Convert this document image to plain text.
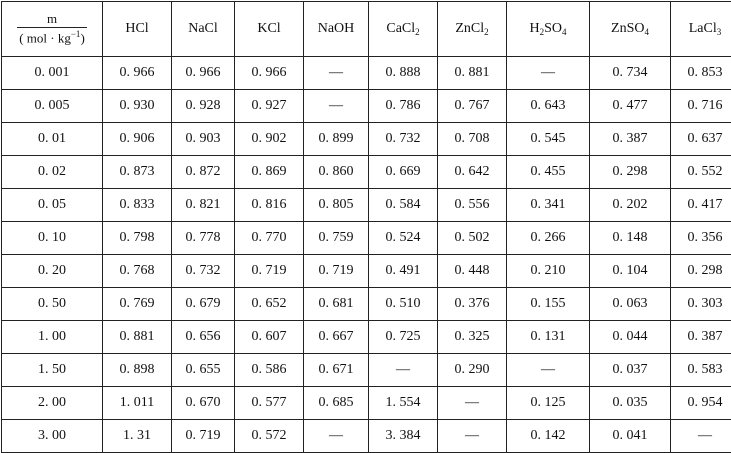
$\frac{m}{( mol \cdot kg^{-1})}$	HCl	NaCl	KCl	NaOH	CaCl$_2$	ZnCl$_2$	$H_2SO_4$	ZnSO$_4$	LaCl$_3$
0. 001	0. 966	0. 966	0. 966	—	0. 888	0. 881	—	0. 734	0. 853
0. 005	0. 930	0. 928	0. 927	—	0. 786	0. 767	0. 643	0. 477	0. 716
0. 01	0. 906	0. 903	0. 902	0. 899	0. 732	0. 708	0. 545	0. 387	0. 637
0. 02	0. 873	0. 872	0. 869	0. 860	0. 669	0. 642	0. 455	0. 298	0. 552
0. 05	0. 833	0. 821	0. 816	0. 805	0. 584	0. 556	0. 341	0. 202	0. 417
0. 10	0. 798	0. 778	0. 770	0. 759	0. 524	0. 502	0. 266	0. 148	0. 356
0. 20	0. 768	0. 732	0. 719	0. 719	0. 491	0. 448	0. 210	0. 104	0. 298
0. 50	0. 769	0. 679	0. 652	0. 681	0. 510	0. 376	0. 155	0. 063	0. 303
1. 00	0. 881	0. 656	0. 607	0. 667	0. 725	0. 325	0. 131	0. 044	0. 387
1. 50	0. 898	0. 655	0. 586	0. 671	—	0. 290	—	0. 037	0. 583
2. 00	1. 011	0. 670	0. 577	0. 685	1. 554	—	0. 125	0. 035	0. 954
3. 00	1. 31	0. 719	0. 572	—	3. 384	—	0. 142	0. 041	—
